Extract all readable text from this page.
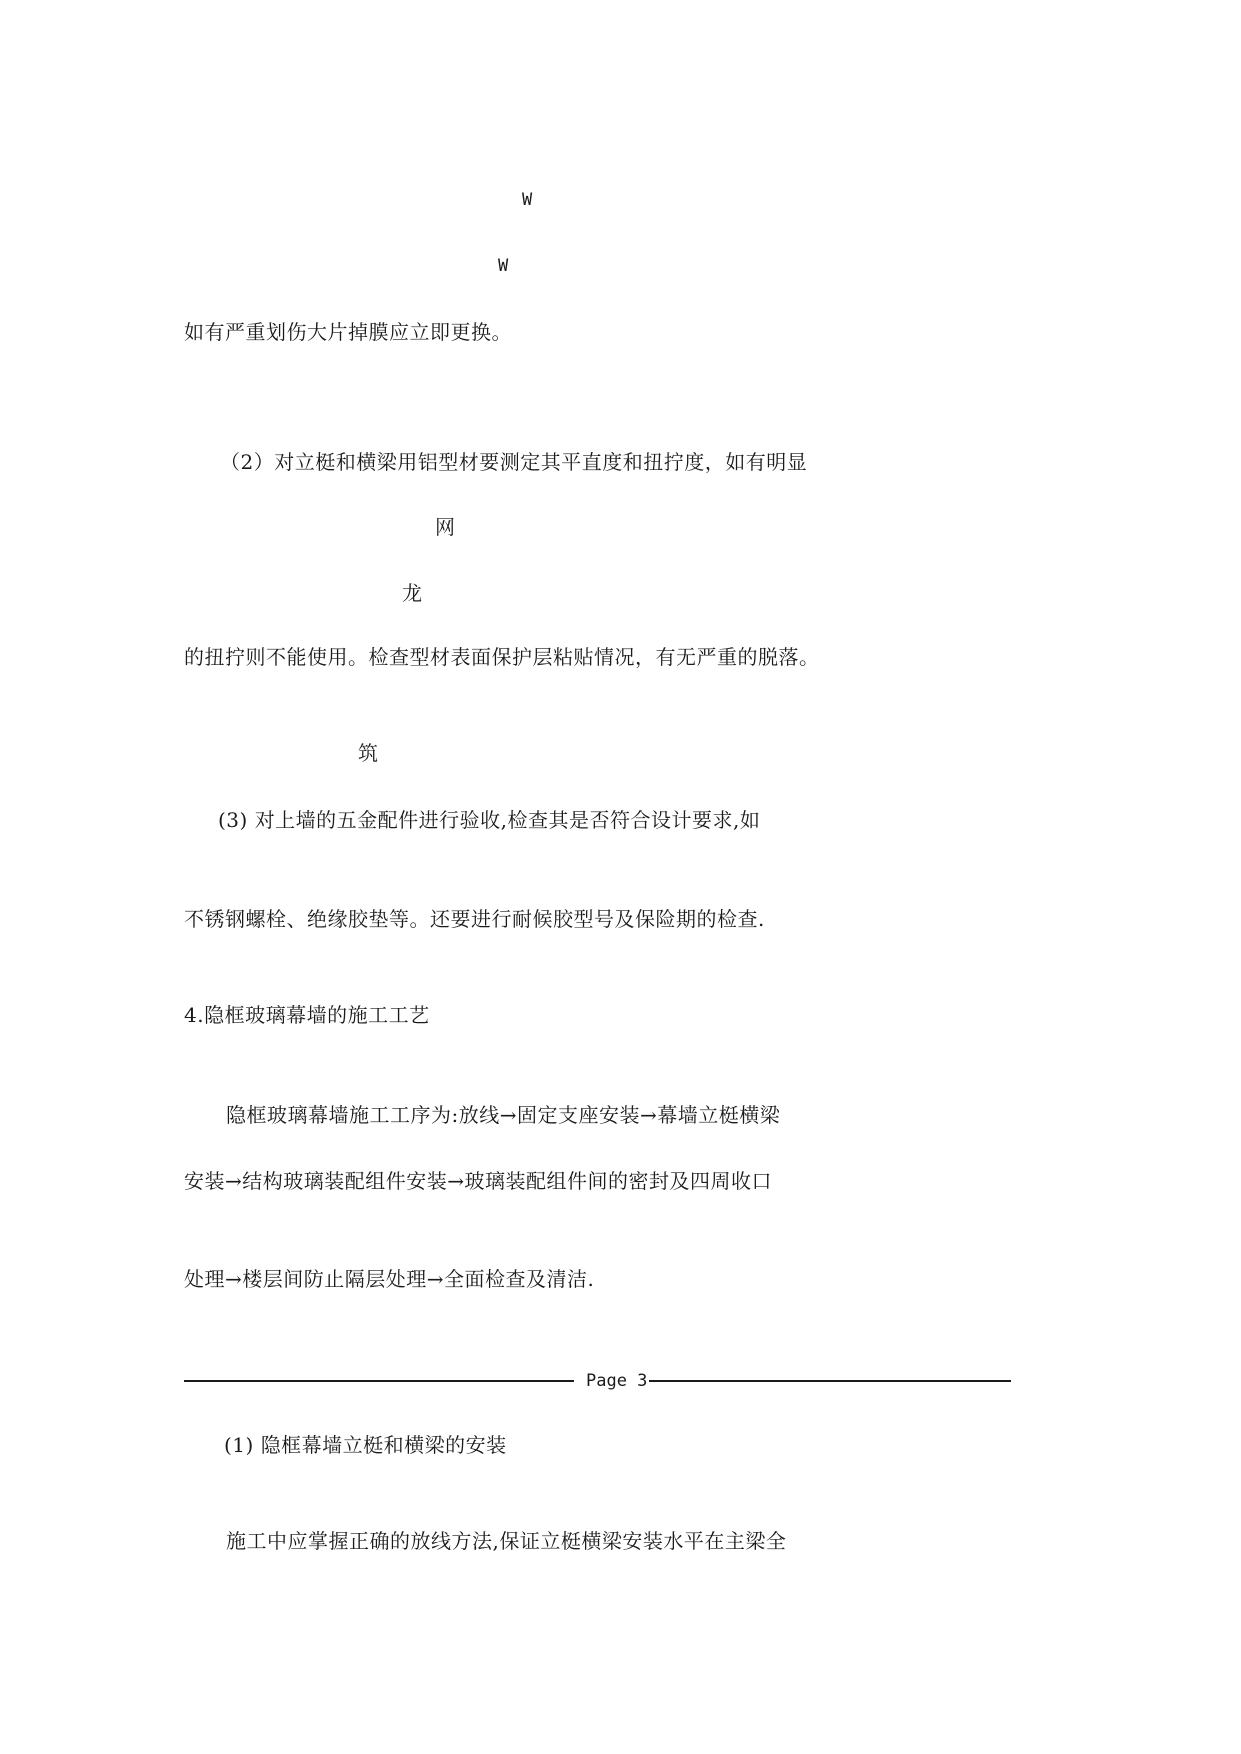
W
W
如有严重划伤大片掉膜应立即更换。
（2）对立梃和横梁用铝型材要测定其平直度和扭拧度，如有明显
网
龙
的扭拧则不能使用。检查型材表面保护层粘贴情况，有无严重的脱落。
筑
(3) 对上墙的五金配件进行验收,检查其是否符合设计要求,如
不锈钢螺栓、绝缘胶垫等。还要进行耐候胶型号及保险期的检查.
4.隐框玻璃幕墙的施工工艺
隐框玻璃幕墙施工工序为:放线→固定支座安装→幕墙立梃横梁
安装→结构玻璃装配组件安装→玻璃装配组件间的密封及四周收口
处理→楼层间防止隔层处理→全面检查及清洁.
Page 3
(1) 隐框幕墙立梃和横梁的安装
施工中应掌握正确的放线方法,保证立梃横梁安装水平在主梁全
